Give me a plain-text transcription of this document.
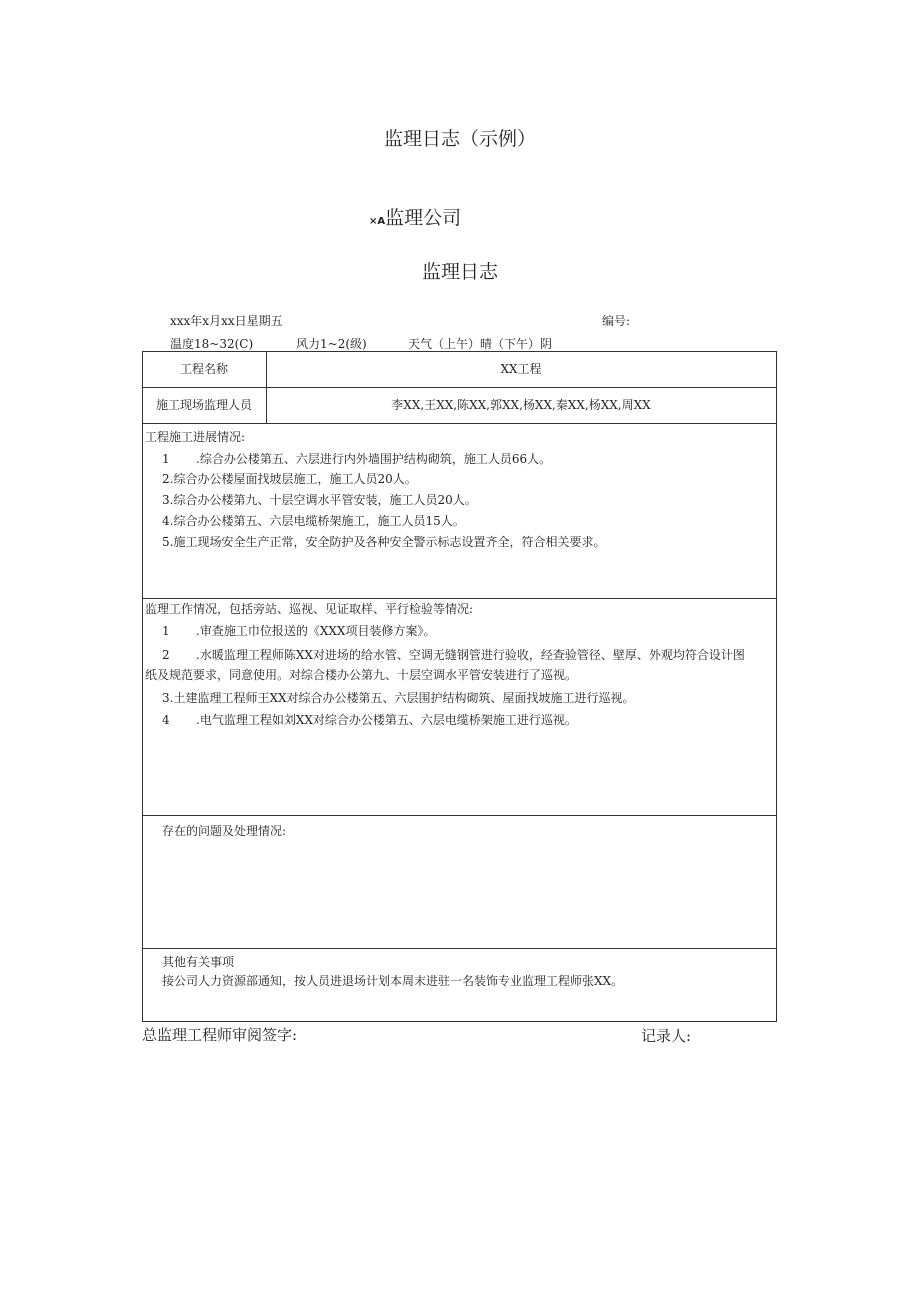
监理日志（示例）
×A监理公司
监理日志
xxx年x月xx日星期五	编号:
温度18~32(C)	风力1~2(级)	天气（上午）晴（下午）阴
工程名称	XX工程
施工现场监理人员	李XX,王XX,陈XX,郭XX,杨XX,秦XX,杨XX,周XX
工程施工进展情况:
1 .综合办公楼第五、六层进行内外墙围护结构砌筑，施工人员66人。
2.综合办公楼屋面找坡层施工，施工人员20人。
3.综合办公楼第九、十层空调水平管安装，施工人员20人。
4.综合办公楼第五、六层电缆桥架施工，施工人员15人。
5.施工现场安全生产正常，安全防护及各种安全警示标志设置齐全，符合相关要求。
监理工作情况，包括旁站、巡视、见证取样、平行检验等情况:
1 .审查施工巾位报送的《XXX项目装修方案》。
2 .水暖监理工程师陈XX对进场的给水管、空调无缝钢管进行验收，经查验管径、壁厚、外观均符合设计图
纸及规范要求，同意使用。对综合楼办公第九、十层空调水平管安装进行了巡视。
3.土建监理工程师王XX对综合办公楼第五、六层围护结构砌筑、屋面找坡施工进行巡视。
4 .电气监理工程如刘XX对综合办公楼第五、六层电缆桥架施工进行巡视。
存在的问题及处理情况:
其他有关事项
接公司人力资源部通知，按人员进退场计划本周末进驻一名装饰专业监理工程师张XX。
总监理工程师审阅签字:	记录人:
